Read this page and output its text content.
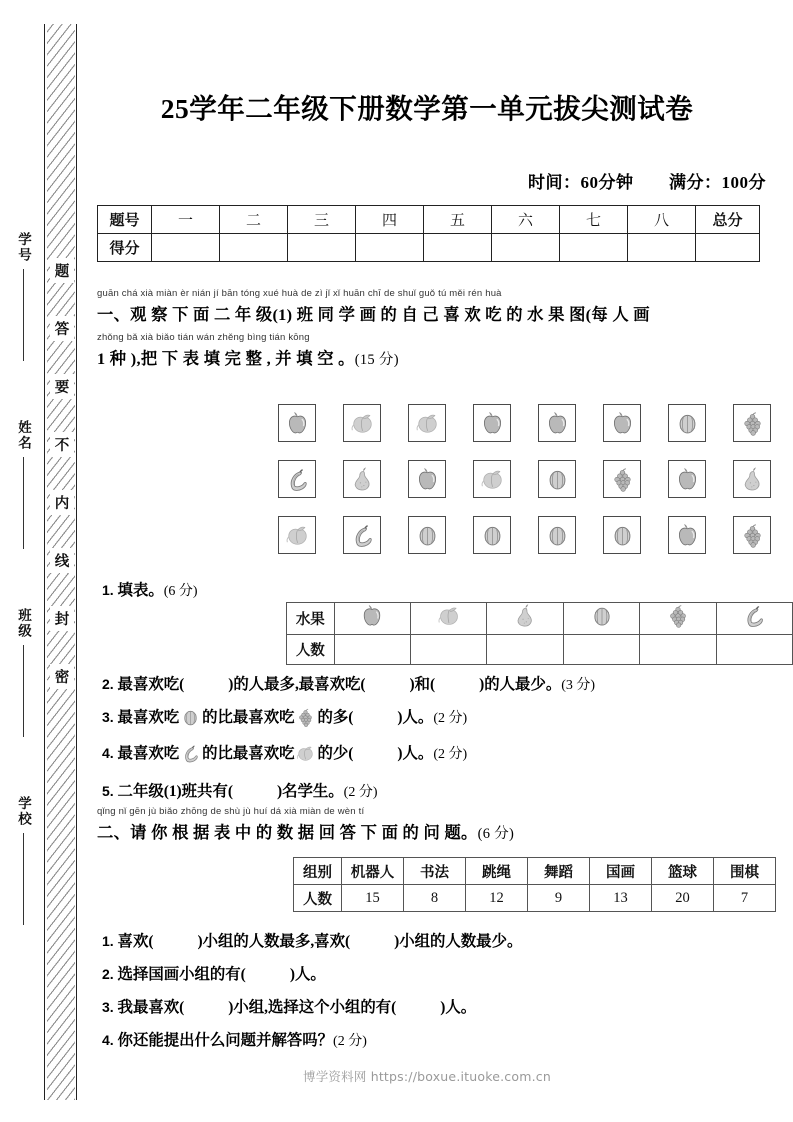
题
答
要
不
内
线
封
密
学号
姓名
班级
学校
25学年二年级下册数学第一单元拔尖测试卷
时间：60分钟 满分：100分
题号	一	二	三	四	五	六	七	八	总分
得分									
guān chá xià miàn èr nián jí bān tóng xué huà de zì jǐ xǐ huān chī de shuǐ guǒ tú měi rén huà
一、观 察 下 面 二 年 级(1) 班 同 学 画 的 自 己 喜 欢 吃 的 水 果 图(每 人 画
zhǒng bǎ xià biǎo tián wán zhěng bìng tián kōng
1 种 ),把 下 表 填 完 整 , 并 填 空 。(15 分)
1. 填表。(6 分)
水果	

人数						
2. 最喜欢吃(	)的人最多,最喜欢吃(	)和(	)的人最少。(3 分)
3. 最喜欢吃 的比最喜欢吃 的多(	)人。(2 分)
4. 最喜欢吃 的比最喜欢吃 的少(	)人。(2 分)
5. 二年级(1)班共有(	)名学生。(2 分)
qǐng nǐ gēn jù biǎo zhōng de shù jù huí dá xià miàn de wèn tí
二、请 你 根 据 表 中 的 数 据 回 答 下 面 的 问 题。(6 分)
组别	机器人	书法	跳绳	舞蹈	国画	篮球	围棋
人数	15	8	12	9	13	20	7
1. 喜欢(	)小组的人数最多,喜欢(	)小组的人数最少。
2. 选择国画小组的有(	)人。
3. 我最喜欢(	)小组,选择这个小组的有(	)人。
4. 你还能提出什么问题并解答吗？(2 分)
博学资料网 https://boxue.ituoke.com.cn
